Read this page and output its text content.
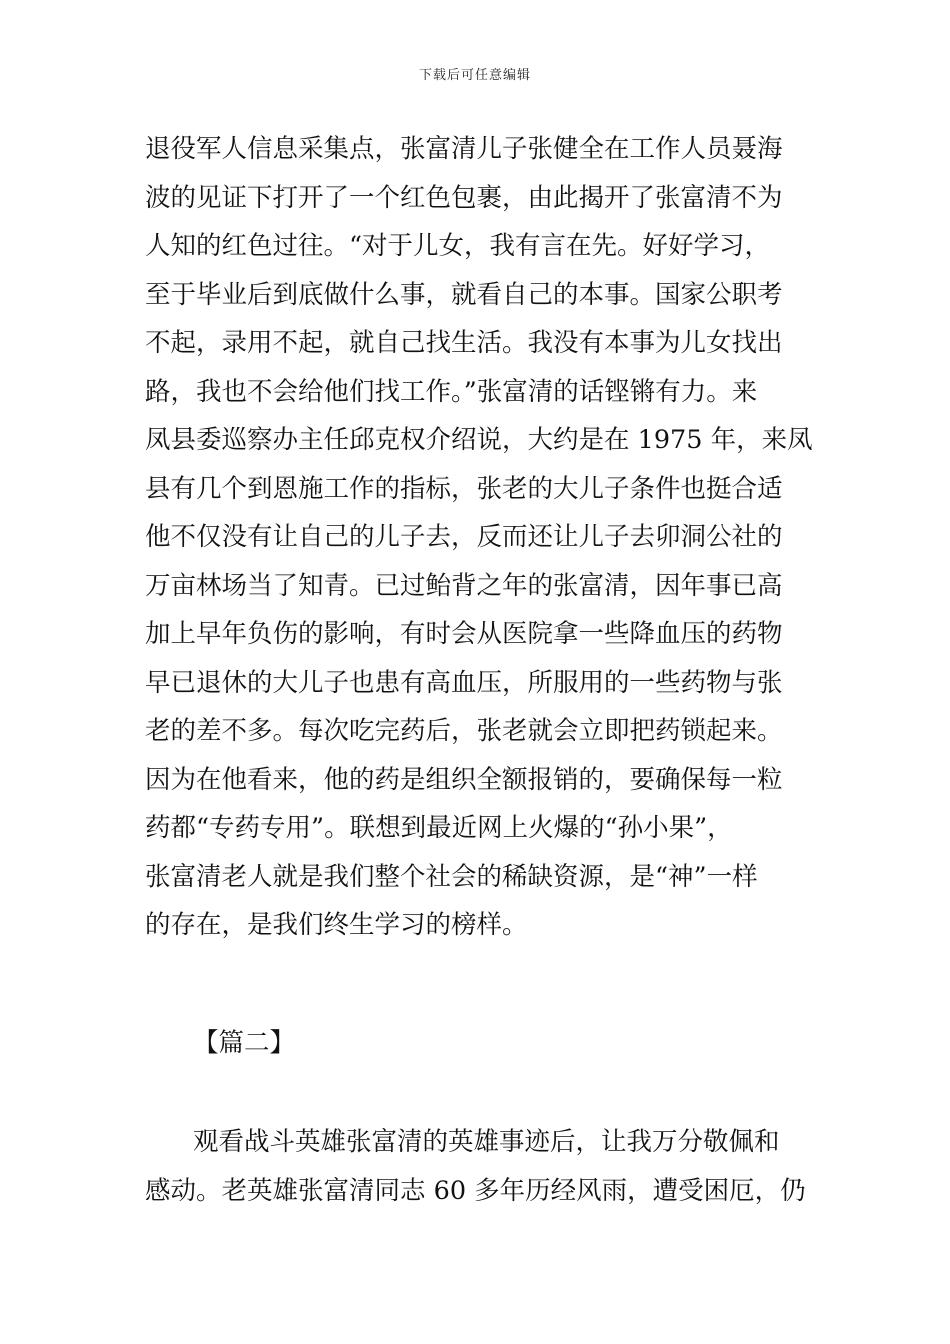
下载后可任意编辑
退役军人信息采集点，张富清儿子张健全在工作人员聂海
波的见证下打开了一个红色包裹，由此揭开了张富清不为
人知的红色过往。“对于儿女，我有言在先。好好学习，
至于毕业后到底做什么事，就看自己的本事。国家公职考
不起，录用不起，就自己找生活。我没有本事为儿女找出
路，我也不会给他们找工作。”张富清的话铿锵有力。来
凤县委巡察办主任邱克权介绍说，大约是在 1975 年，来凤
县有几个到恩施工作的指标，张老的大儿子条件也挺合适
他不仅没有让自己的儿子去，反而还让儿子去卯洞公社的
万亩林场当了知青。已过鲐背之年的张富清，因年事已高
加上早年负伤的影响，有时会从医院拿一些降血压的药物
早已退休的大儿子也患有高血压，所服用的一些药物与张
老的差不多。每次吃完药后，张老就会立即把药锁起来。
因为在他看来，他的药是组织全额报销的，要确保每一粒
药都“专药专用”。联想到最近网上火爆的“孙小果”，
张富清老人就是我们整个社会的稀缺资源，是“神”一样
的存在，是我们终生学习的榜样。
【篇二】
观看战斗英雄张富清的英雄事迹后，让我万分敬佩和
感动。老英雄张富清同志 60 多年历经风雨，遭受困厄，仍
